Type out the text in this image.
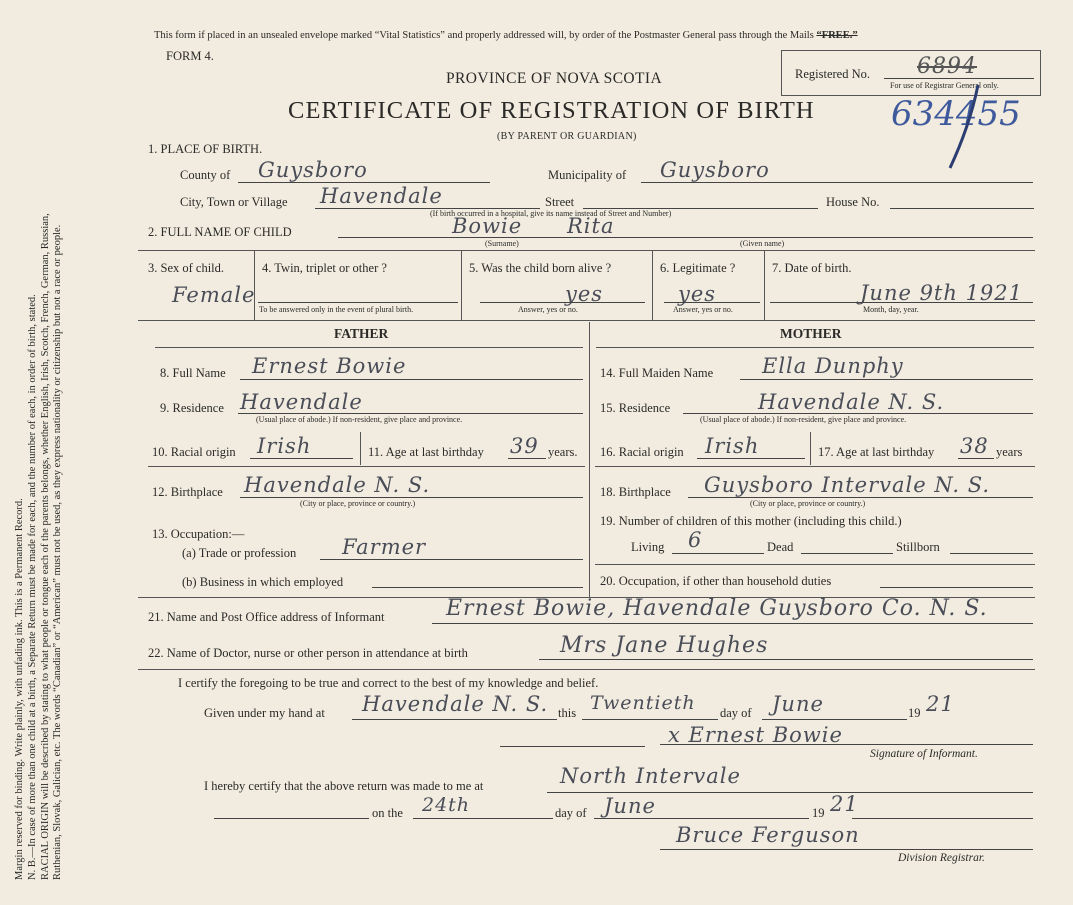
Margin reserved for binding. Write plainly, with unfading ink. This is a Permanent Record. N. B.—In case of more than one child at a birth, a Separate Return must be made for each, and the number of each, in order of birth, stated. RACIAL ORIGIN will be described by stating to what people or tongue each of the parents belongs, whether English, Irish, Scotch, French, German, Russian, Ruthenian, Slovak, Galician, etc. The words “Canadian” or “American” must not be used, as they express nationality or citizenship but not a race or people.
This form if placed in an unsealed envelope marked “Vital Statistics” and properly addressed will, by order of the Postmaster General pass through the Mails “FREE.”
FORM 4.
Registered No. 6894
For use of Registrar General only.
634455
PROVINCE OF NOVA SCOTIA
CERTIFICATE OF REGISTRATION OF BIRTH
(BY PARENT OR GUARDIAN)
1. PLACE OF BIRTH.
County of Guysboro	Municipality of Guysboro
City, Town or Village Havendale	Street	House No.
(If birth occurred in a hospital, give its name instead of Street and Number)
2. FULL NAME OF CHILD	Bowie Rita
(Surname)	(Given name)
3. Sex of child.
Female
4. Twin, triplet or other ?
To be answered only in the event of plural birth.
5. Was the child born alive ?
yes
Answer, yes or no.
6. Legitimate ?
yes
Answer, yes or no.
7. Date of birth.
June 9th 1921
Month, day, year.
FATHER	MOTHER
8. Full Name Ernest Bowie
9. Residence Havendale
(Usual place of abode.) If non-resident, give place and province.
10. Racial origin Irish	11. Age at last birthday 39 years.
12. Birthplace Havendale N. S.
(City or place, province or country.)
13. Occupation:—
(a) Trade or profession Farmer
(b) Business in which employed
14. Full Maiden Name Ella Dunphy
15. Residence	Havendale N. S.
(Usual place of abode.) If non-resident, give place and province.
16. Racial origin Irish	17. Age at last birthday 38 years
18. Birthplace Guysboro Intervale N. S.
(City or place, province or country.)
19. Number of children of this mother (including this child.)
Living 6	Dead	Stillborn
20. Occupation, if other than household duties
21. Name and Post Office address of Informant	Ernest Bowie, Havendale Guysboro Co. N. S.
22. Name of Doctor, nurse or other person in attendance at birth	Mrs Jane Hughes
I certify the foregoing to be true and correct to the best of my knowledge and belief.
Given under my hand at Havendale N. S. this Twentieth day of June	19 21
x Ernest Bowie
Signature of Informant.
I hereby certify that the above return was made to me at	North Intervale
on the 24th	day of June	19 21
Bruce Ferguson
Division Registrar.
